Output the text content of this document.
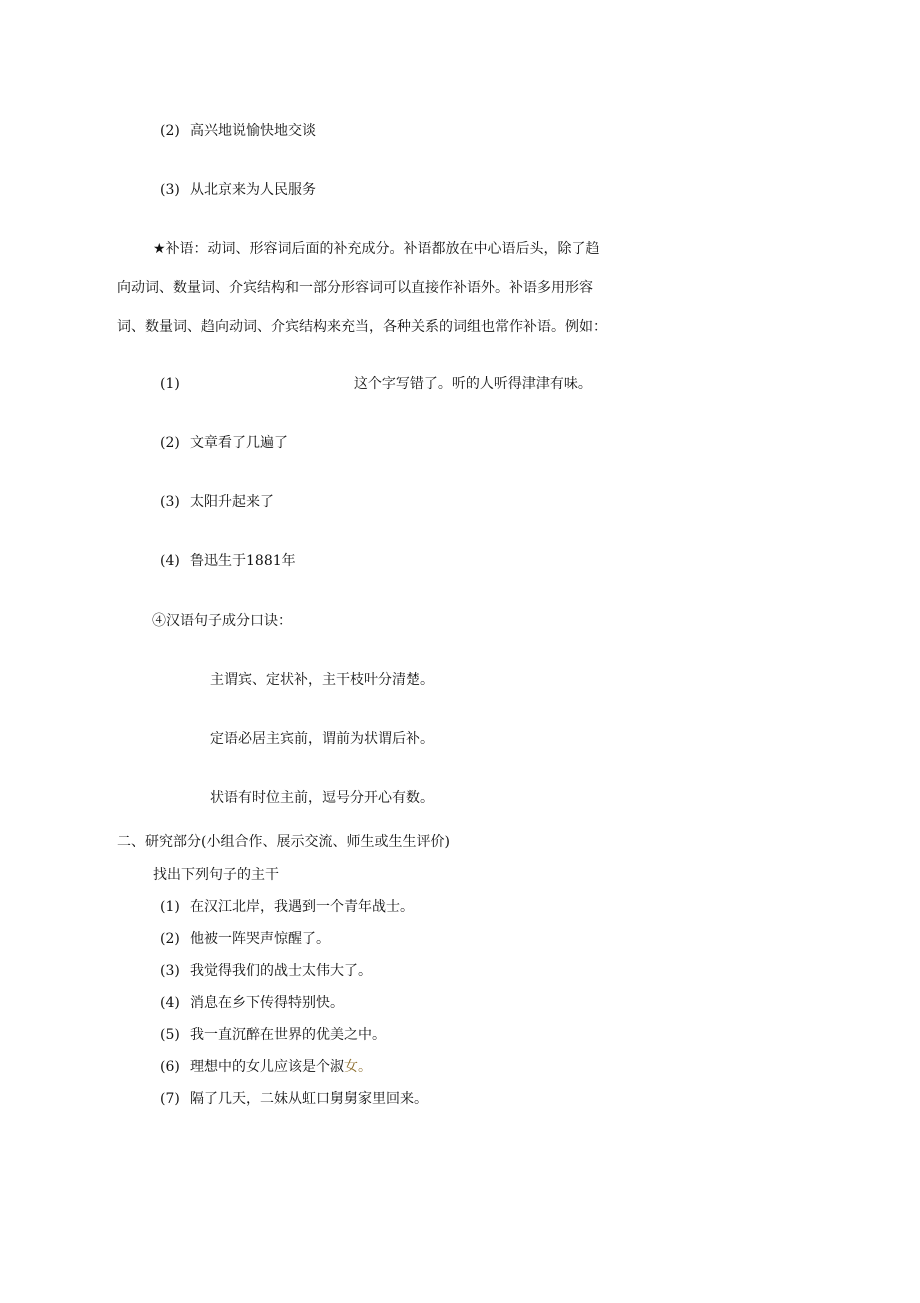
(2) 高兴地说愉快地交谈
(3) 从北京来为人民服务
★补语：动词、形容词后面的补充成分。补语都放在中心语后头，除了趋
向动词、数量词、介宾结构和一部分形容词可以直接作补语外。补语多用形容
词、数量词、趋向动词、介宾结构来充当，各种关系的词组也常作补语。例如：
(1)	这个字写错了。听的人听得津津有味。
(2) 文章看了几遍了
(3) 太阳升起来了
(4) 鲁迅生于1881年
④汉语句子成分口诀：
主谓宾、定状补，主干枝叶分清楚。
定语必居主宾前，谓前为状谓后补。
状语有时位主前，逗号分开心有数。
二、研究部分(小组合作、展示交流、师生或生生评价)
找出下列句子的主干
(1) 在汉江北岸，我遇到一个青年战士。
(2) 他被一阵哭声惊醒了。
(3) 我觉得我们的战士太伟大了。
(4) 消息在乡下传得特别快。
(5) 我一直沉醉在世界的优美之中。
(6) 理想中的女儿应该是个淑女。
(7) 隔了几天，二妹从虹口舅舅家里回来。
